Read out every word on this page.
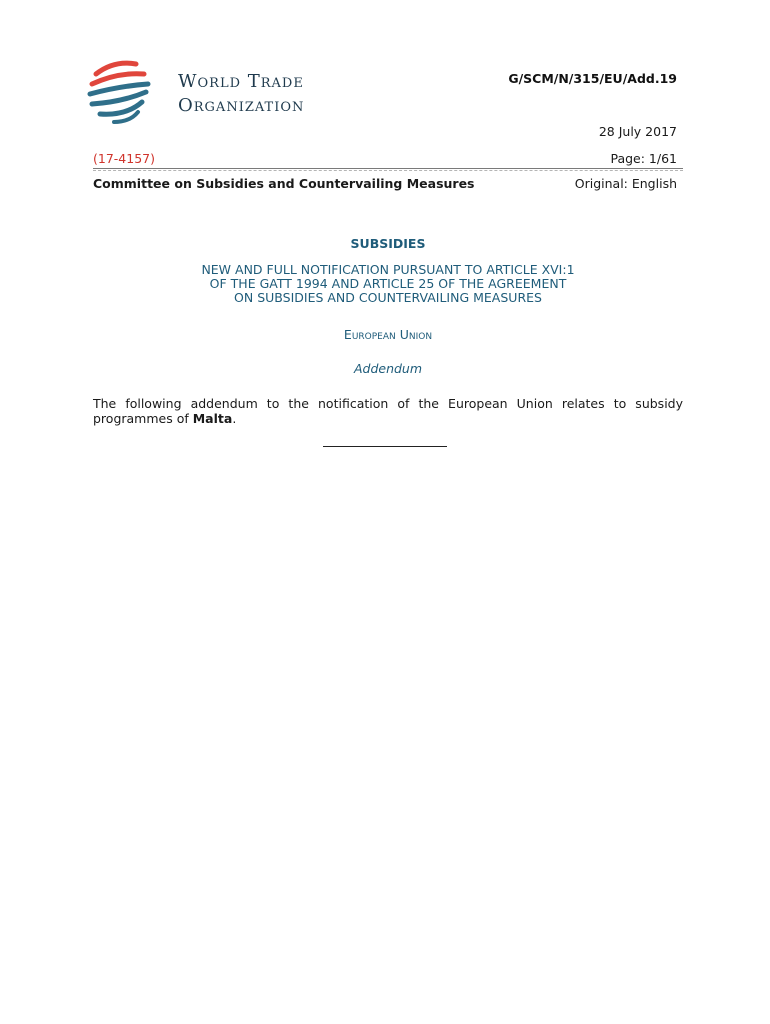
World Trade
Organization
G/SCM/N/315/EU/Add.19
28 July 2017
(17-4157)	Page: 1/61
Committee on Subsidies and Countervailing Measures	Original: English
SUBSIDIES
NEW AND FULL NOTIFICATION PURSUANT TO ARTICLE XVI:1
OF THE GATT 1994 AND ARTICLE 25 OF THE AGREEMENT
ON SUBSIDIES AND COUNTERVAILING MEASURES
European Union
Addendum
The following addendum to the notification of the European Union relates to subsidy programmes of Malta.
